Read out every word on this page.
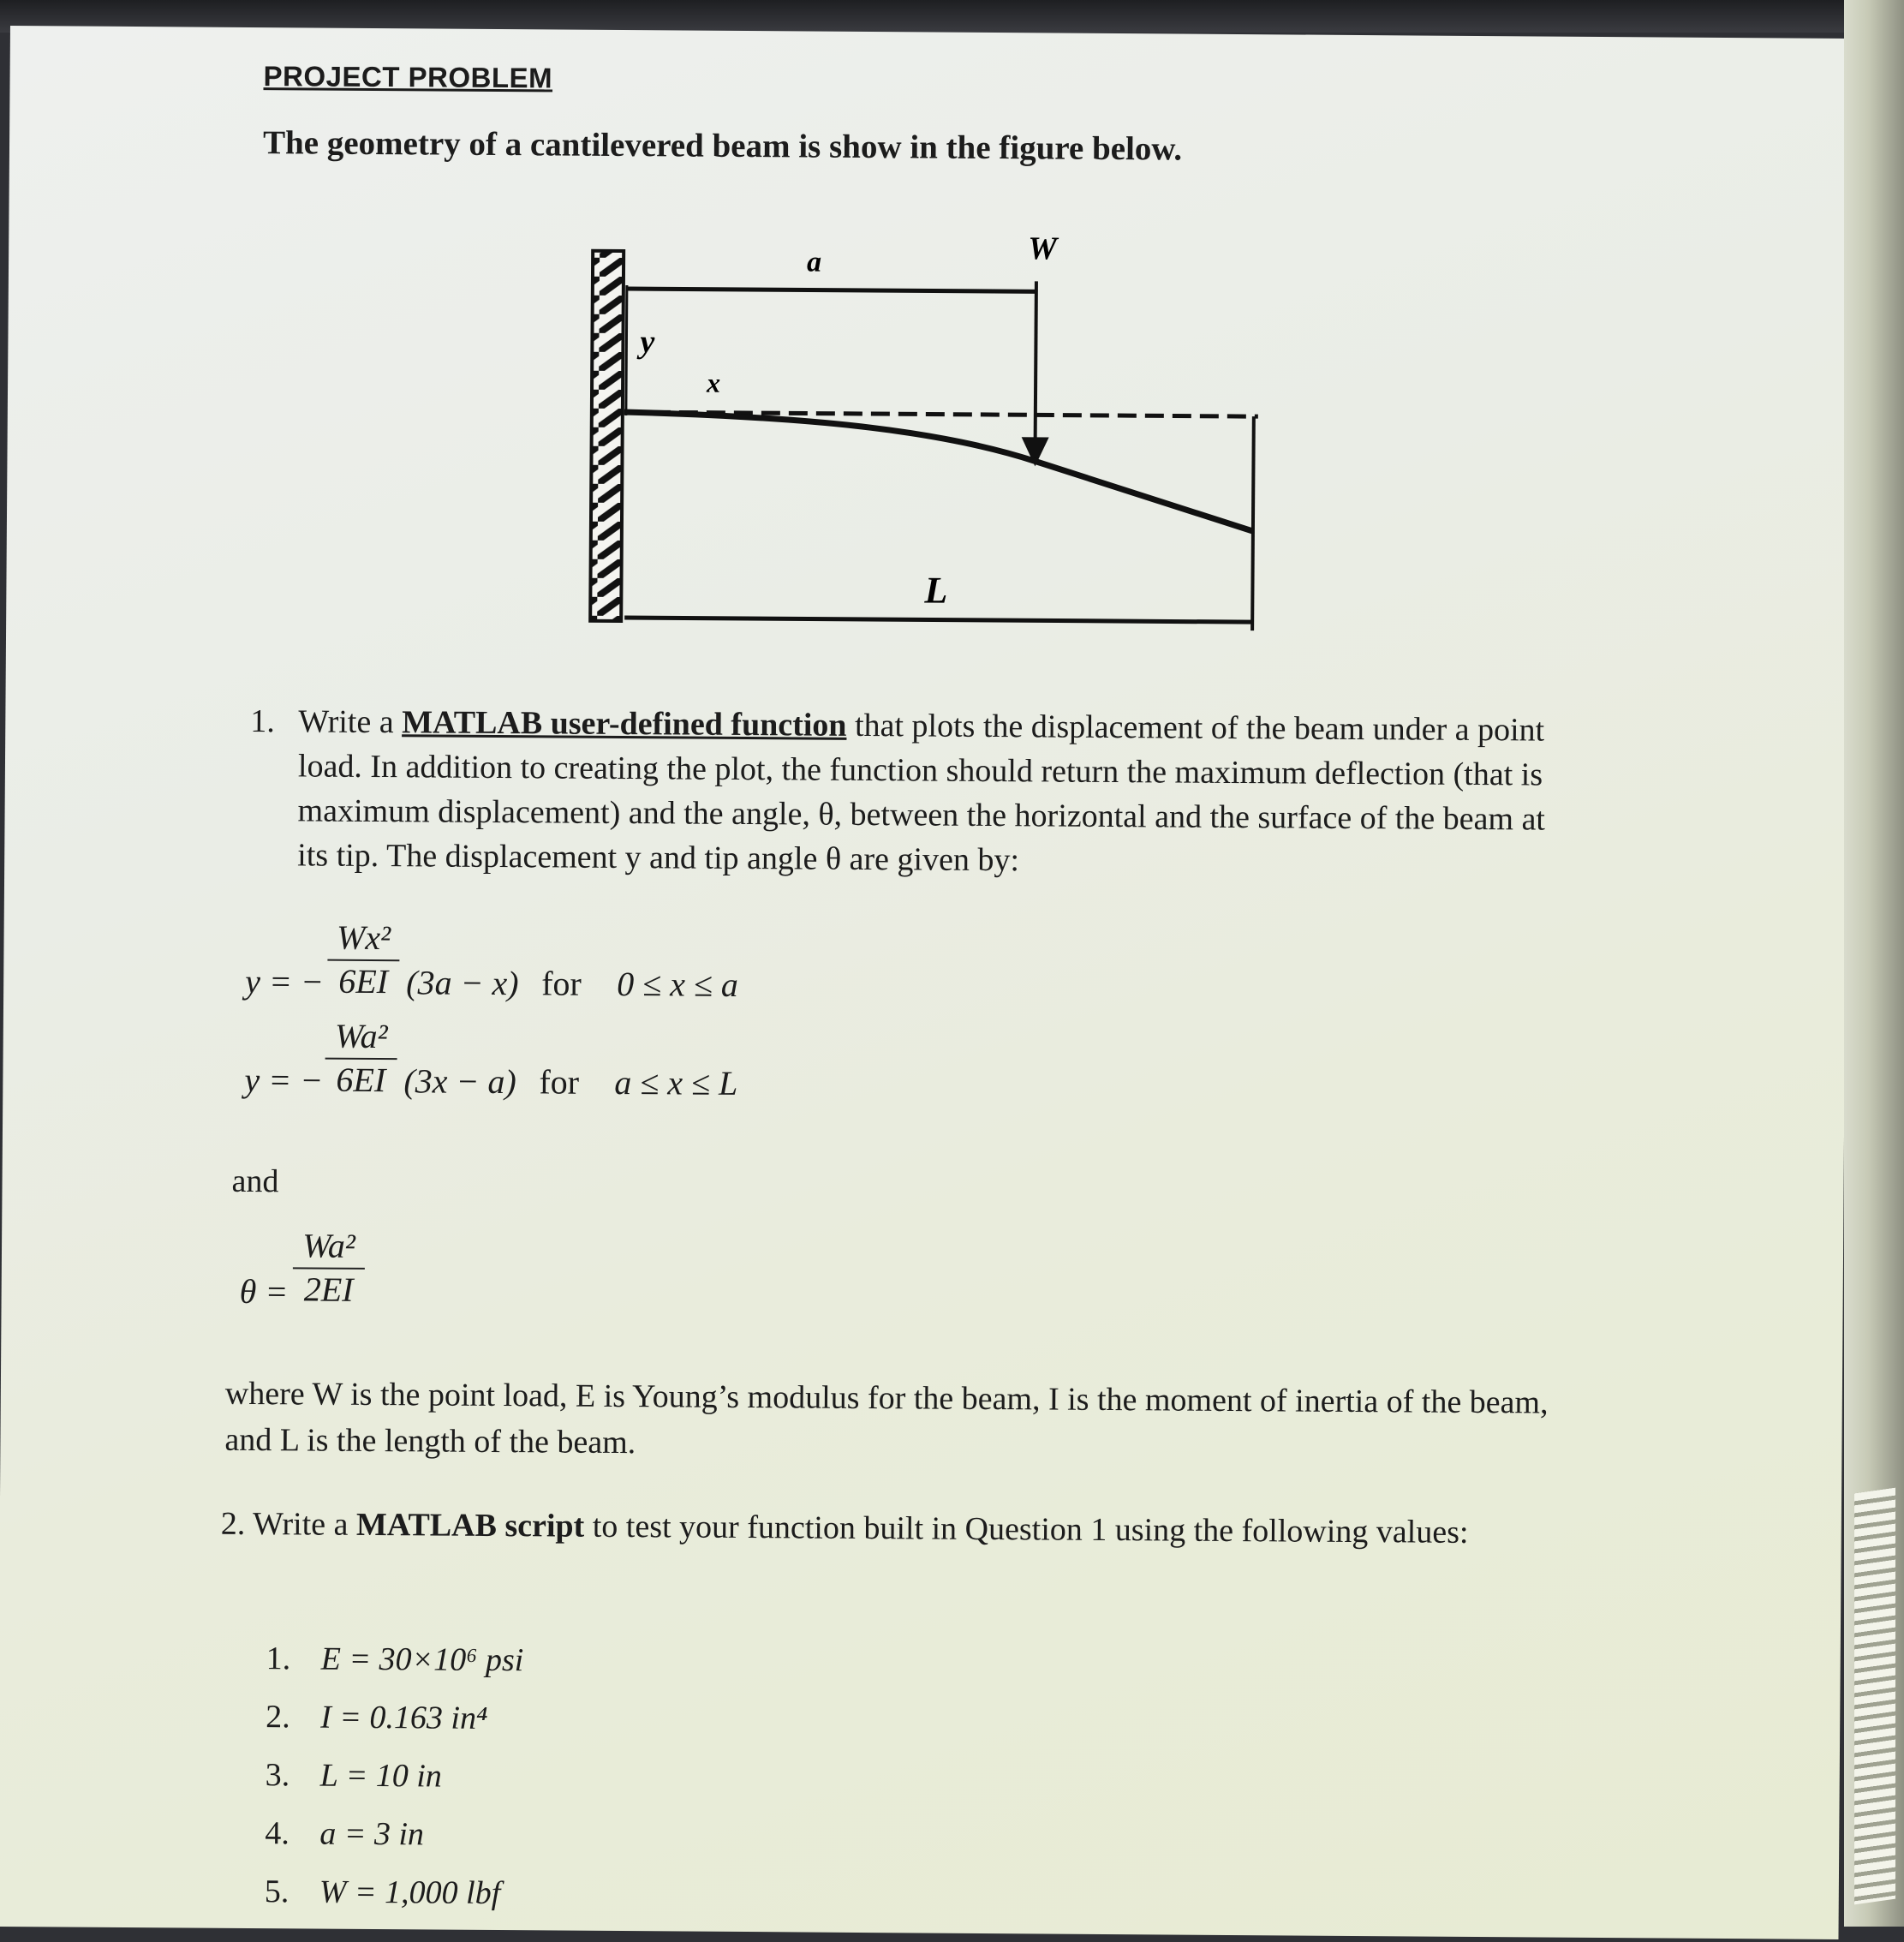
PROJECT PROBLEM
The geometry of a cantilevered beam is show in the figure below.
a	W
y
x
L
1. Write a MATLAB user-defined function that plots the displacement of the beam under a point load. In addition to creating the plot, the function should return the maximum deflection (that is maximum displacement) and the angle, θ, between the horizontal and the surface of the beam at its tip. The displacement y and tip angle θ are given by:
y = − $\frac{\text{Wx²}}{6EI} (3a - x)$ for 0 ≤ x ≤ a
y = − $\frac{\text{Wa²}}{6EI} (3x - a)$ for a ≤ x ≤ L
and
$\theta = \frac{\text{Wa²}}{2EI}$
where W is the point load, E is Young’s modulus for the beam, I is the moment of inertia of the beam, and L is the length of the beam.
2. Write a MATLAB script to test your function built in Question 1 using the following values:
1. E = 30×10⁶ psi
2. I = 0.163 in⁴
3. L = 10 in
4. a = 3 in
5. W = 1,000 lbf
